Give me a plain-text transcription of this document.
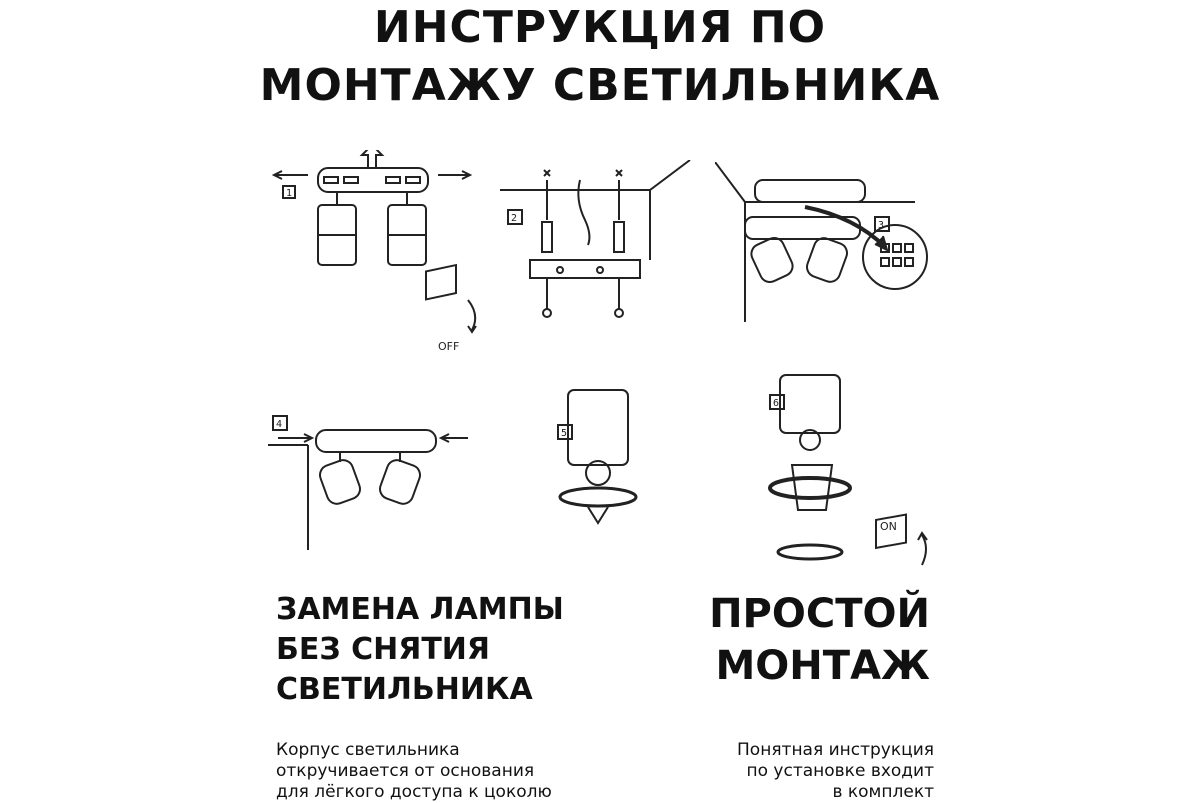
ИНСТРУКЦИЯ ПО
МОНТАЖУ СВЕТИЛЬНИКА
1
OFF
2
3
4
5
6
ON
ЗАМЕНА ЛАМПЫ
БЕЗ СНЯТИЯ
СВЕТИЛЬНИКА
Корпус светильника
откручивается от основания
для лёгкого доступа к цоколю
ПРОСТОЙ
МОНТАЖ
Понятная инструкция
по установке входит
в комплект
